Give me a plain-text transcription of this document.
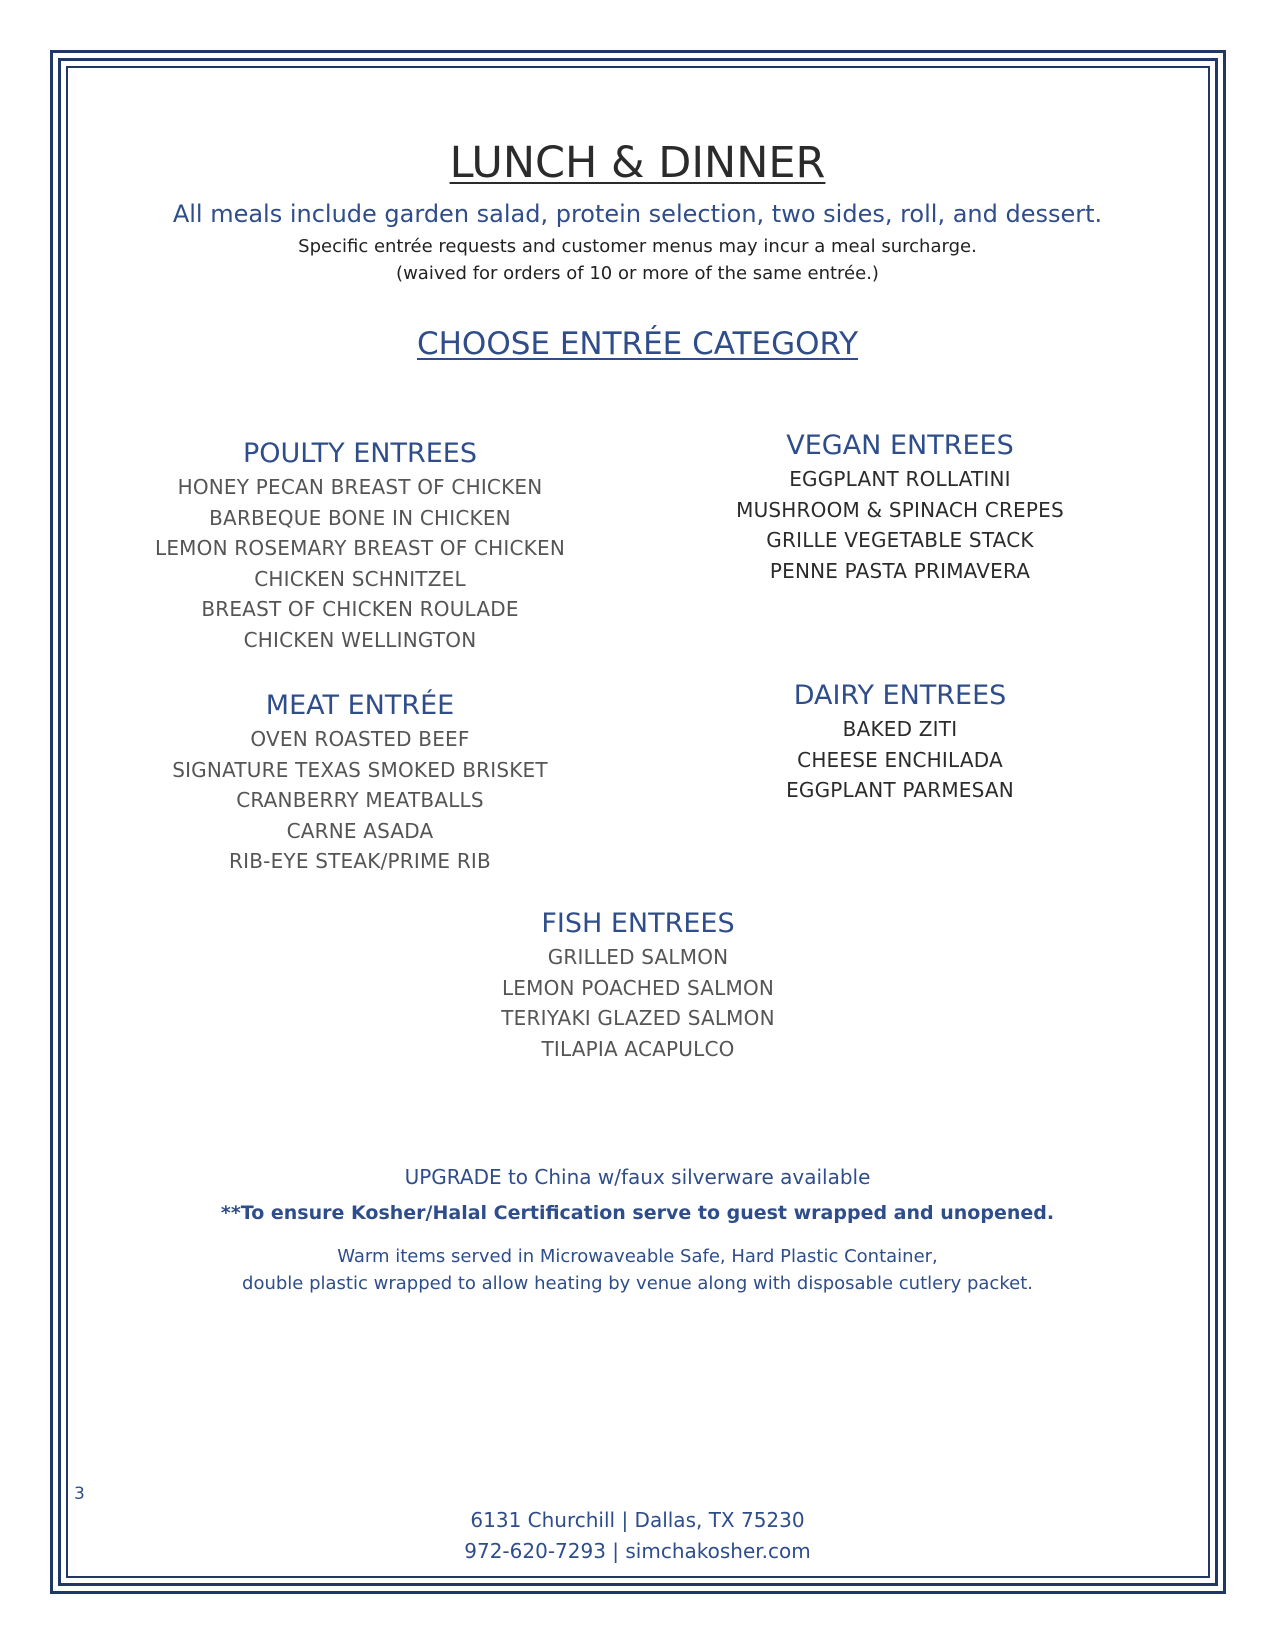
LUNCH & DINNER
All meals include garden salad, protein selection, two sides, roll, and dessert.
Specific entrée requests and customer menus may incur a meal surcharge.
(waived for orders of 10 or more of the same entrée.)
CHOOSE ENTRÉE CATEGORY
POULTY ENTREES
HONEY PECAN BREAST OF CHICKEN
BARBEQUE BONE IN CHICKEN
LEMON ROSEMARY BREAST OF CHICKEN
CHICKEN SCHNITZEL
BREAST OF CHICKEN ROULADE
CHICKEN WELLINGTON
VEGAN ENTREES
EGGPLANT ROLLATINI
MUSHROOM & SPINACH CREPES
GRILLE VEGETABLE STACK
PENNE PASTA PRIMAVERA
MEAT ENTRÉE
OVEN ROASTED BEEF
SIGNATURE TEXAS SMOKED BRISKET
CRANBERRY MEATBALLS
CARNE ASADA
RIB-EYE STEAK/PRIME RIB
DAIRY ENTREES
BAKED ZITI
CHEESE ENCHILADA
EGGPLANT PARMESAN
FISH ENTREES
GRILLED SALMON
LEMON POACHED SALMON
TERIYAKI GLAZED SALMON
TILAPIA ACAPULCO
UPGRADE to China w/faux silverware available
**To ensure Kosher/Halal Certification serve to guest wrapped and unopened.
Warm items served in Microwaveable Safe, Hard Plastic Container,
double plastic wrapped to allow heating by venue along with disposable cutlery packet.
3
6131 Churchill | Dallas, TX 75230
972-620-7293 | simchakosher.com
